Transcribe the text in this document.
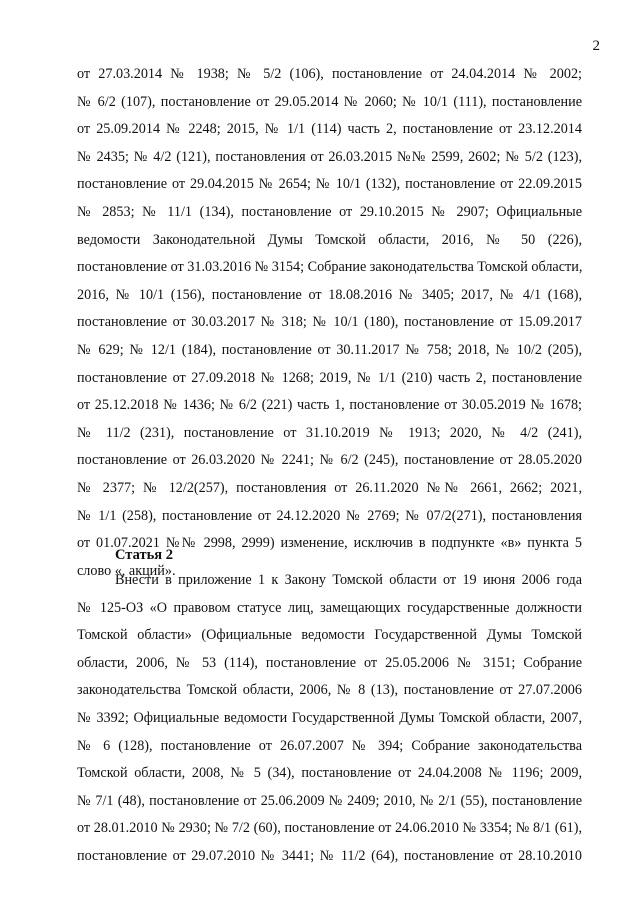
2
от 27.03.2014 № 1938; № 5/2 (106), постановление от 24.04.2014 № 2002;
№ 6/2 (107), постановление от 29.05.2014 № 2060; № 10/1 (111), постановление
от 25.09.2014 № 2248; 2015, № 1/1 (114) часть 2, постановление от 23.12.2014
№ 2435; № 4/2 (121), постановления от 26.03.2015 №№ 2599, 2602; № 5/2 (123),
постановление от 29.04.2015 № 2654; № 10/1 (132), постановление от 22.09.2015
№ 2853; № 11/1 (134), постановление от 29.10.2015 № 2907; Официальные
ведомости Законодательной Думы Томской области, 2016, № 50 (226),
постановление от 31.03.2016 № 3154; Собрание законодательства Томской области,
2016, № 10/1 (156), постановление от 18.08.2016 № 3405; 2017, № 4/1 (168),
постановление от 30.03.2017 № 318; № 10/1 (180), постановление от 15.09.2017
№ 629; № 12/1 (184), постановление от 30.11.2017 № 758; 2018, № 10/2 (205),
постановление от 27.09.2018 № 1268; 2019, № 1/1 (210) часть 2, постановление
от 25.12.2018 № 1436; № 6/2 (221) часть 1, постановление от 30.05.2019 № 1678;
№ 11/2 (231), постановление от 31.10.2019 № 1913; 2020, № 4/2 (241),
постановление от 26.03.2020 № 2241; № 6/2 (245), постановление от 28.05.2020
№ 2377; № 12/2(257), постановления от 26.11.2020 №№ 2661, 2662; 2021,
№ 1/1 (258), постановление от 24.12.2020 № 2769; № 07/2(271), постановления
от 01.07.2021 №№ 2998, 2999) изменение, исключив в подпункте «в» пункта 5
слово «, акций».
Статья 2
Внести в приложение 1 к Закону Томской области от 19 июня 2006 года
№ 125-ОЗ «О правовом статусе лиц, замещающих государственные должности
Томской области» (Официальные ведомости Государственной Думы Томской
области, 2006, № 53 (114), постановление от 25.05.2006 № 3151; Собрание
законодательства Томской области, 2006, № 8 (13), постановление от 27.07.2006
№ 3392; Официальные ведомости Государственной Думы Томской области, 2007,
№ 6 (128), постановление от 26.07.2007 № 394; Собрание законодательства
Томской области, 2008, № 5 (34), постановление от 24.04.2008 № 1196; 2009,
№ 7/1 (48), постановление от 25.06.2009 № 2409; 2010, № 2/1 (55), постановление
от 28.01.2010 № 2930; № 7/2 (60), постановление от 24.06.2010 № 3354; № 8/1 (61),
постановление от 29.07.2010 № 3441; № 11/2 (64), постановление от 28.10.2010
